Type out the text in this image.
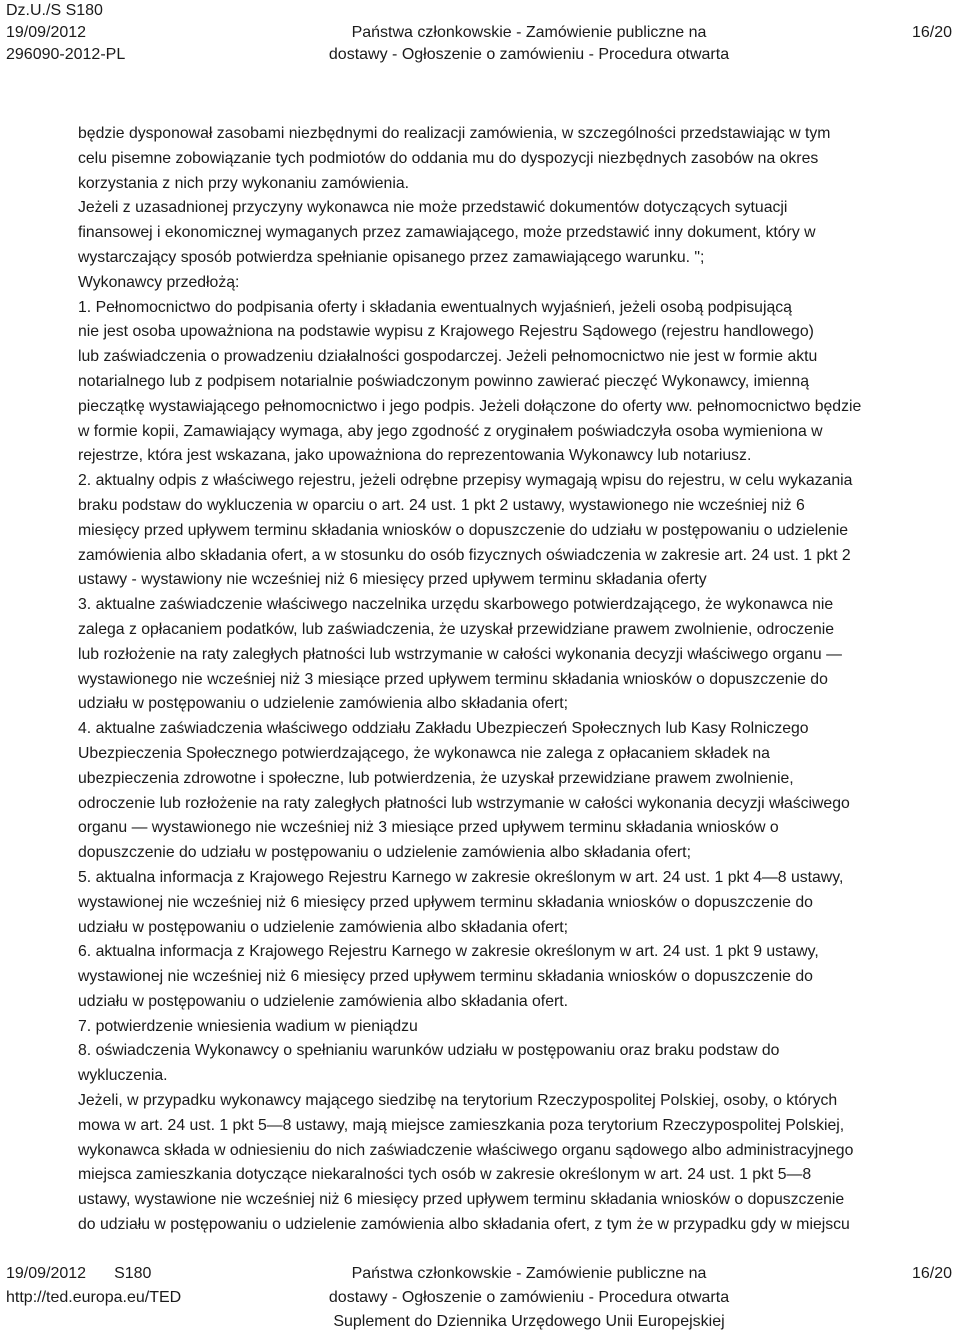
Dz.U./S S180
19/09/2012
296090-2012-PL
Państwa członkowskie - Zamówienie publiczne na
dostawy - Ogłoszenie o zamówieniu - Procedura otwarta
16/20

będzie dysponował zasobami niezbędnymi do realizacji zamówienia, w szczególności przedstawiając w tym

celu pisemne zobowiązanie tych podmiotów do oddania mu do dyspozycji niezbędnych zasobów na okres

korzystania z nich przy wykonaniu zamówienia.

Jeżeli z uzasadnionej przyczyny wykonawca nie może przedstawić dokumentów dotyczących sytuacji

finansowej i ekonomicznej wymaganych przez zamawiającego, może przedstawić inny dokument, który w

wystarczający sposób potwierdza spełnianie opisanego przez zamawiającego warunku. ";

Wykonawcy przedłożą:

1. Pełnomocnictwo do podpisania oferty i składania ewentualnych wyjaśnień, jeżeli osobą podpisującą

nie jest osoba upoważniona na podstawie wypisu z Krajowego Rejestru Sądowego (rejestru handlowego)

lub zaświadczenia o prowadzeniu działalności gospodarczej. Jeżeli pełnomocnictwo nie jest w formie aktu

notarialnego lub z podpisem notarialnie poświadczonym powinno zawierać pieczęć Wykonawcy, imienną

pieczątkę wystawiającego pełnomocnictwo i jego podpis. Jeżeli dołączone do oferty ww. pełnomocnictwo będzie

w formie kopii, Zamawiający wymaga, aby jego zgodność z oryginałem poświadczyła osoba wymieniona w

rejestrze, która jest wskazana, jako upoważniona do reprezentowania Wykonawcy lub notariusz.

2. aktualny odpis z właściwego rejestru, jeżeli odrębne przepisy wymagają wpisu do rejestru, w celu wykazania

braku podstaw do wykluczenia w oparciu o art. 24 ust. 1 pkt 2 ustawy, wystawionego nie wcześniej niż 6

miesięcy przed upływem terminu składania wniosków o dopuszczenie do udziału w postępowaniu o udzielenie

zamówienia albo składania ofert, a w stosunku do osób fizycznych oświadczenia w zakresie art. 24 ust. 1 pkt 2

ustawy - wystawiony nie wcześniej niż 6 miesięcy przed upływem terminu składania oferty

3. aktualne zaświadczenie właściwego naczelnika urzędu skarbowego potwierdzającego, że wykonawca nie

zalega z opłacaniem podatków, lub zaświadczenia, że uzyskał przewidziane prawem zwolnienie, odroczenie

lub rozłożenie na raty zaległych płatności lub wstrzymanie w całości wykonania decyzji właściwego organu —

wystawionego nie wcześniej niż 3 miesiące przed upływem terminu składania wniosków o dopuszczenie do

udziału w postępowaniu o udzielenie zamówienia albo składania ofert;

4. aktualne zaświadczenia właściwego oddziału Zakładu Ubezpieczeń Społecznych lub Kasy Rolniczego

Ubezpieczenia Społecznego potwierdzającego, że wykonawca nie zalega z opłacaniem składek na

ubezpieczenia zdrowotne i społeczne, lub potwierdzenia, że uzyskał przewidziane prawem zwolnienie,

odroczenie lub rozłożenie na raty zaległych płatności lub wstrzymanie w całości wykonania decyzji właściwego

organu — wystawionego nie wcześniej niż 3 miesiące przed upływem terminu składania wniosków o

dopuszczenie do udziału w postępowaniu o udzielenie zamówienia albo składania ofert;

5. aktualna informacja z Krajowego Rejestru Karnego w zakresie określonym w art. 24 ust. 1 pkt 4—8 ustawy,

wystawionej nie wcześniej niż 6 miesięcy przed upływem terminu składania wniosków o dopuszczenie do

udziału w postępowaniu o udzielenie zamówienia albo składania ofert;

6. aktualna informacja z Krajowego Rejestru Karnego w zakresie określonym w art. 24 ust. 1 pkt 9 ustawy,

wystawionej nie wcześniej niż 6 miesięcy przed upływem terminu składania wniosków o dopuszczenie do

udziału w postępowaniu o udzielenie zamówienia albo składania ofert.

7. potwierdzenie wniesienia wadium w pieniądzu

8. oświadczenia Wykonawcy o spełnianiu warunków udziału w postępowaniu oraz braku podstaw do

wykluczenia.

Jeżeli, w przypadku wykonawcy mającego siedzibę na terytorium Rzeczypospolitej Polskiej, osoby, o których

mowa w art. 24 ust. 1 pkt 5—8 ustawy, mają miejsce zamieszkania poza terytorium Rzeczypospolitej Polskiej,

wykonawca składa w odniesieniu do nich zaświadczenie właściwego organu sądowego albo administracyjnego

miejsca zamieszkania dotyczące niekaralności tych osób w zakresie określonym w art. 24 ust. 1 pkt 5—8

ustawy, wystawione nie wcześniej niż 6 miesięcy przed upływem terminu składania wniosków o dopuszczenie

do udziału w postępowaniu o udzielenie zamówienia albo składania ofert, z tym że w przypadku gdy w miejscu

19/09/2012 S180
http://ted.europa.eu/TED
Państwa członkowskie - Zamówienie publiczne na
dostawy - Ogłoszenie o zamówieniu - Procedura otwarta
Suplement do Dziennika Urzędowego Unii Europejskiej
16/20
